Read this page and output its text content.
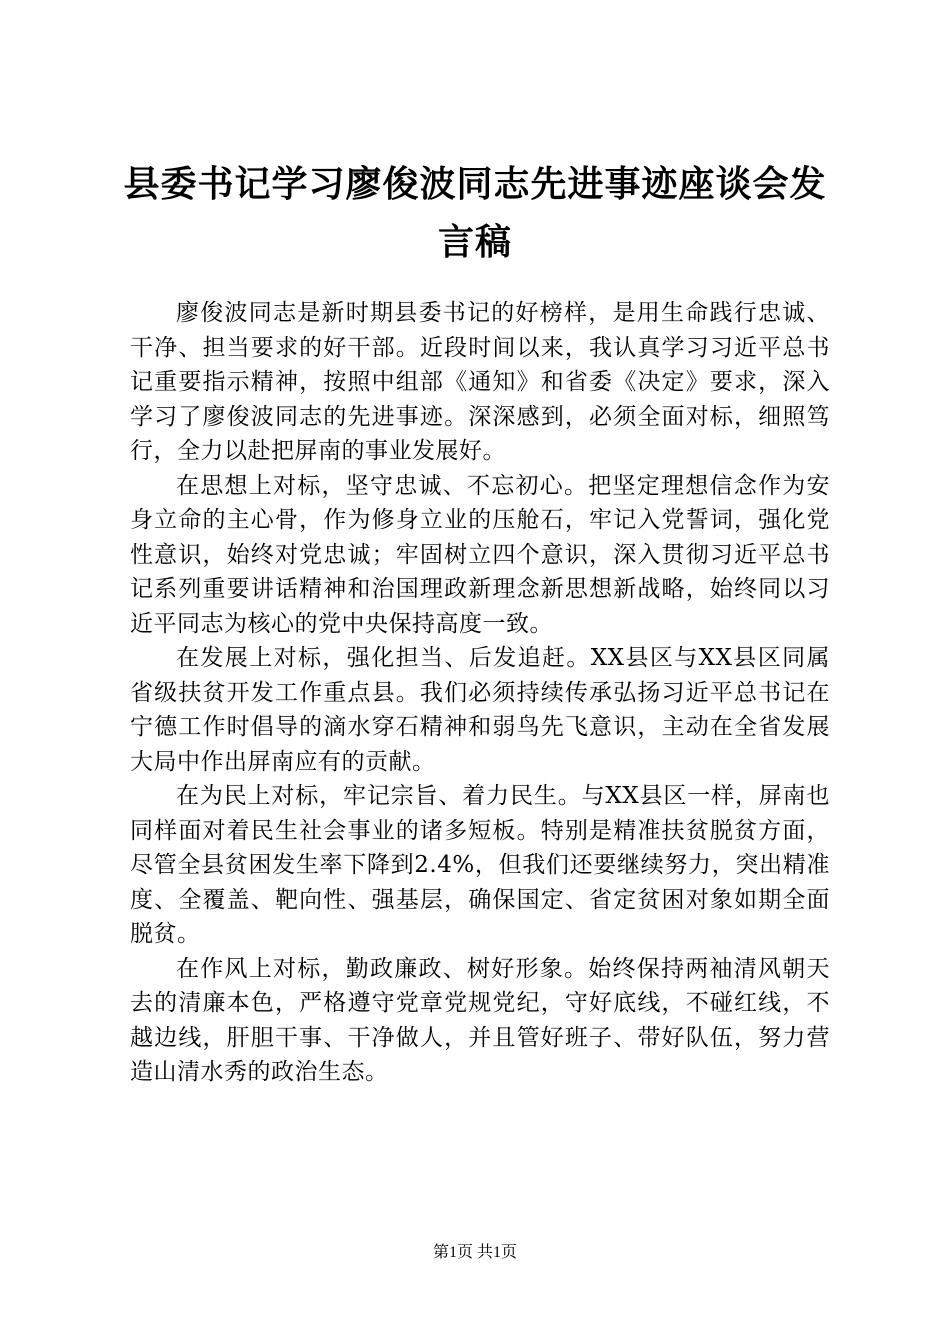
县委书记学习廖俊波同志先进事迹座谈会发言稿

廖俊波同志是新时期县委书记的好榜样，是用生命践行忠诚、干净、担当要求的好干部。近段时间以来，我认真学习习近平总书记重要指示精神，按照中组部《通知》和省委《决定》要求，深入学习了廖俊波同志的先进事迹。深深感到，必须全面对标，细照笃行，全力以赴把屏南的事业发展好。

在思想上对标，坚守忠诚、不忘初心。把坚定理想信念作为安身立命的主心骨，作为修身立业的压舱石，牢记入党誓词，强化党性意识，始终对党忠诚；牢固树立四个意识，深入贯彻习近平总书记系列重要讲话精神和治国理政新理念新思想新战略，始终同以习近平同志为核心的党中央保持高度一致。

在发展上对标，强化担当、后发追赶。XX县区与XX县区同属省级扶贫开发工作重点县。我们必须持续传承弘扬习近平总书记在宁德工作时倡导的滴水穿石精神和弱鸟先飞意识，主动在全省发展大局中作出屏南应有的贡献。

在为民上对标，牢记宗旨、着力民生。与XX县区一样，屏南也同样面对着民生社会事业的诸多短板。特别是精准扶贫脱贫方面，尽管全县贫困发生率下降到2.4%，但我们还要继续努力，突出精准度、全覆盖、靶向性、强基层，确保国定、省定贫困对象如期全面脱贫。

在作风上对标，勤政廉政、树好形象。始终保持两袖清风朝天去的清廉本色，严格遵守党章党规党纪，守好底线，不碰红线，不越边线，肝胆干事、干净做人，并且管好班子、带好队伍，努力营造山清水秀的政治生态。

第1页 共1页
